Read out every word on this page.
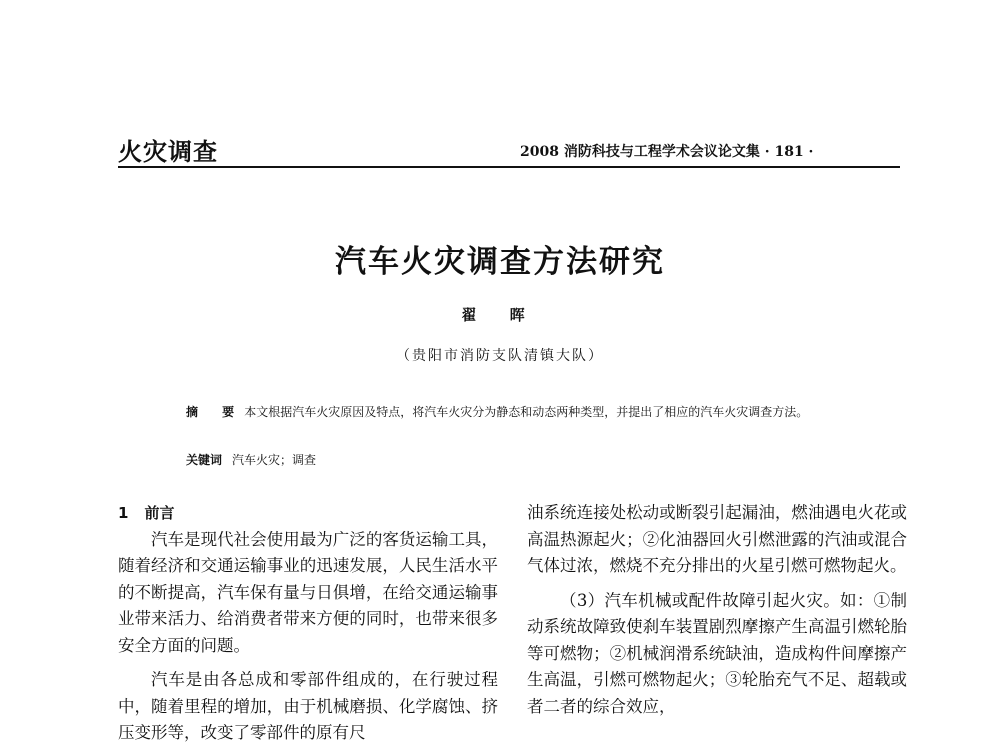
火灾调查	2008 消防科技与工程学术会议论文集 · 181 ·
汽车火灾调查方法研究
翟 晖
（贵阳市消防支队清镇大队）
摘 要本文根据汽车火灾原因及特点，将汽车火灾分为静态和动态两种类型，并提出了相应的汽车火灾调查方法。
关键词 汽车火灾；调查
1 前言

汽车是现代社会使用最为广泛的客货运输工具，随着经济和交通运输事业的迅速发展，人民生活水平的不断提高，汽车保有量与日俱增，在给交通运输事业带来活力、给消费者带来方便的同时，也带来很多安全方面的问题。

汽车是由各总成和零部件组成的，在行驶过程中，随着里程的增加，由于机械磨损、化学腐蚀、挤压变形等，改变了零部件的原有尺

油系统连接处松动或断裂引起漏油，燃油遇电火花或高温热源起火；②化油器回火引燃泄露的汽油或混合气体过浓，燃烧不充分排出的火星引燃可燃物起火。

（3）汽车机械或配件故障引起火灾。如：①制动系统故障致使刹车装置剧烈摩擦产生高温引燃轮胎等可燃物；②机械润滑系统缺油，造成构件间摩擦产生高温，引燃可燃物起火；③轮胎充气不足、超载或者二者的综合效应，
